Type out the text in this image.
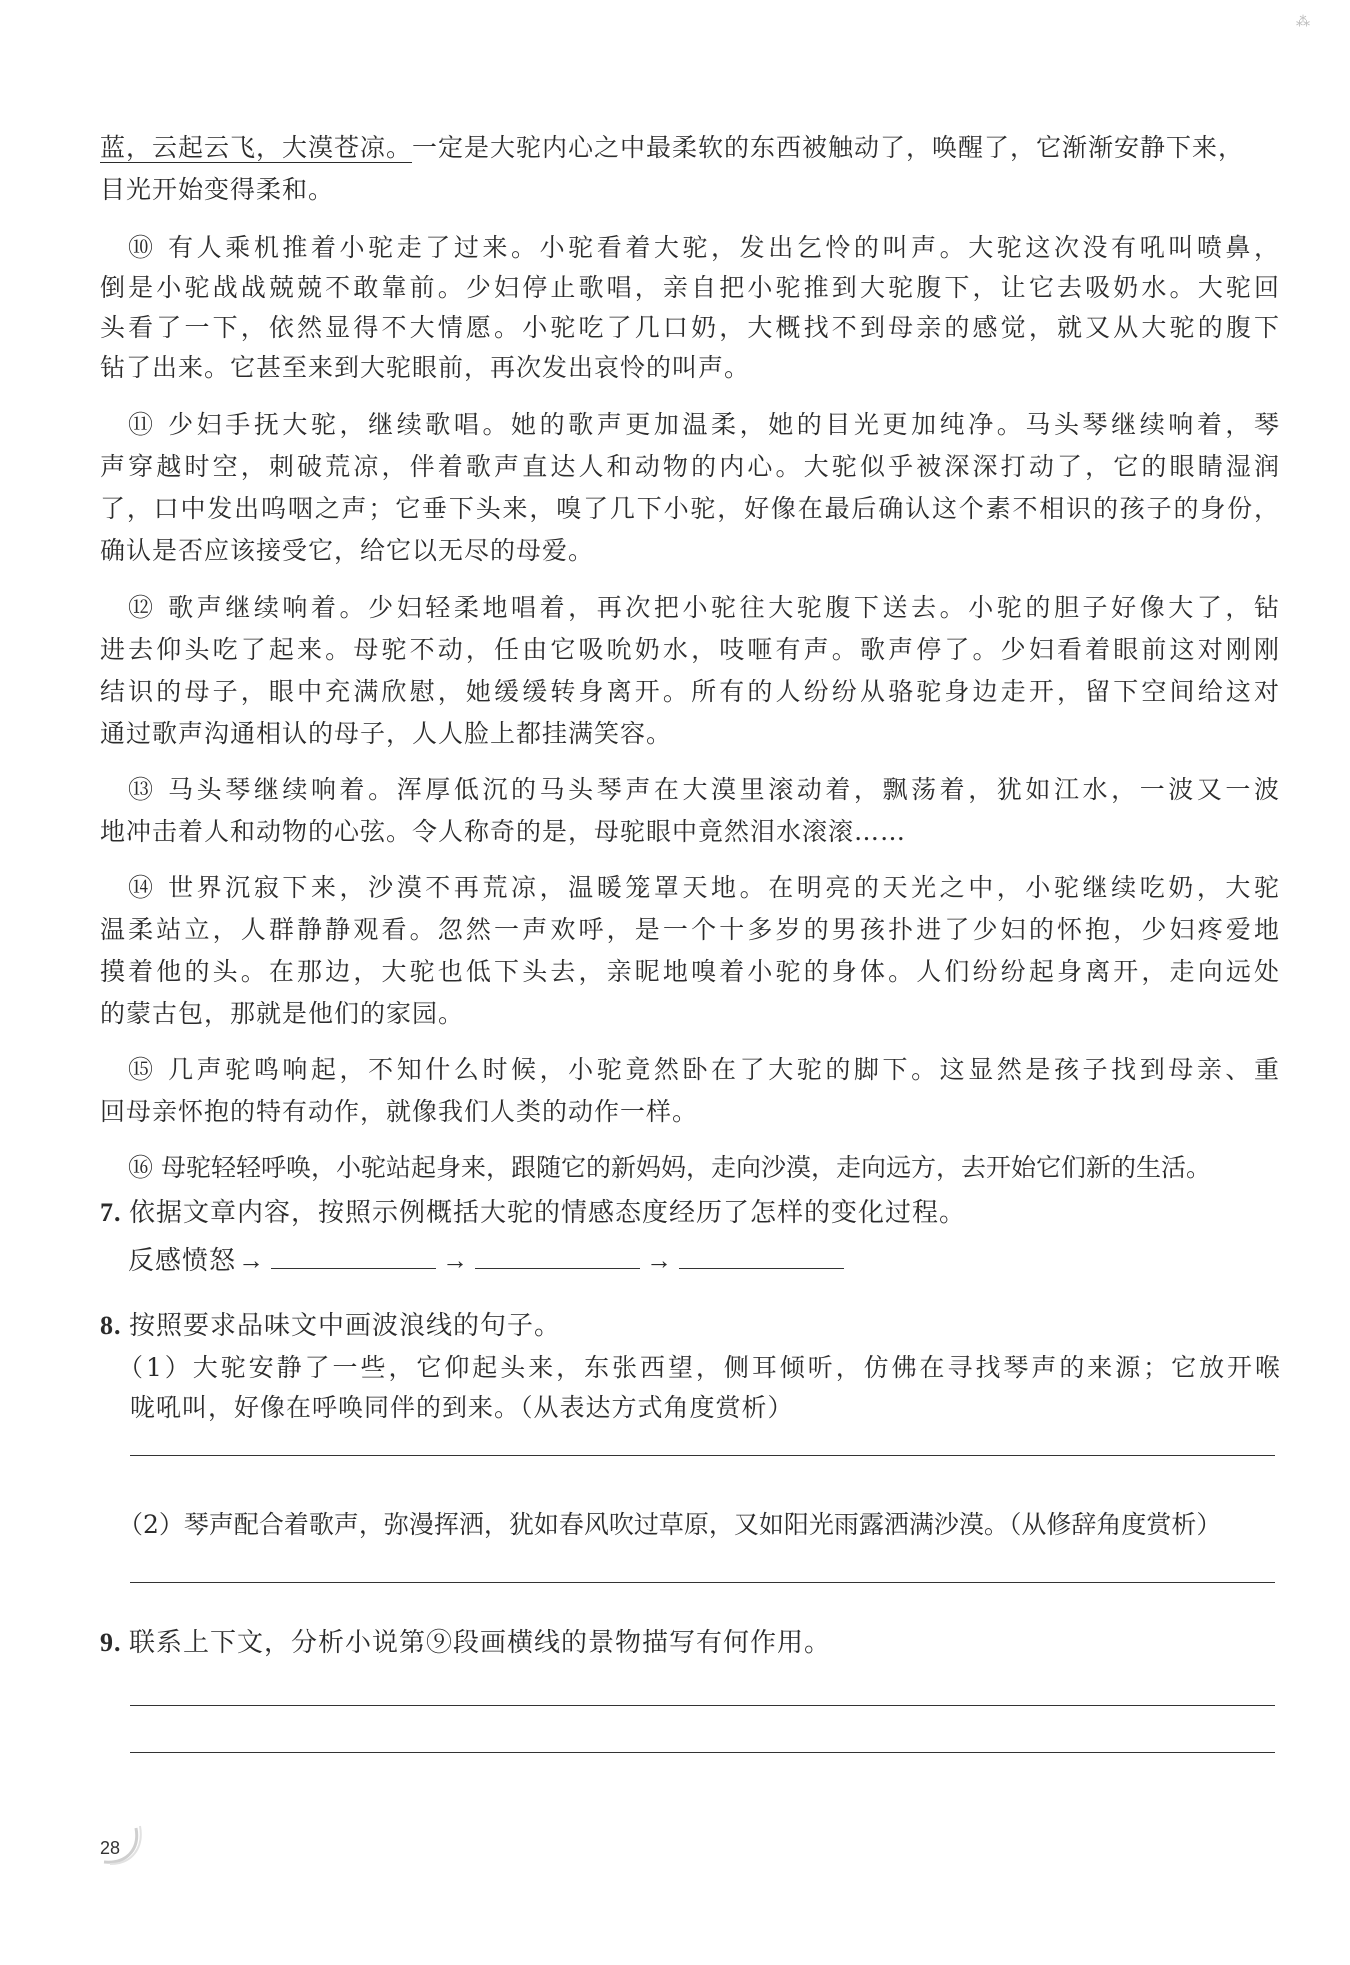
⁂
蓝，云起云飞，大漠苍凉。一定是大驼内心之中最柔软的东西被触动了，唤醒了，它渐渐安静下来，
目光开始变得柔和。
⑩ 有人乘机推着小驼走了过来。小驼看着大驼，发出乞怜的叫声。大驼这次没有吼叫喷鼻，
倒是小驼战战兢兢不敢靠前。少妇停止歌唱，亲自把小驼推到大驼腹下，让它去吸奶水。大驼回
头看了一下，依然显得不大情愿。小驼吃了几口奶，大概找不到母亲的感觉，就又从大驼的腹下
钻了出来。它甚至来到大驼眼前，再次发出哀怜的叫声。
⑪ 少妇手抚大驼，继续歌唱。她的歌声更加温柔，她的目光更加纯净。马头琴继续响着，琴
声穿越时空，刺破荒凉，伴着歌声直达人和动物的内心。大驼似乎被深深打动了，它的眼睛湿润
了，口中发出呜咽之声；它垂下头来，嗅了几下小驼，好像在最后确认这个素不相识的孩子的身份，
确认是否应该接受它，给它以无尽的母爱。
⑫ 歌声继续响着。少妇轻柔地唱着，再次把小驼往大驼腹下送去。小驼的胆子好像大了，钻
进去仰头吃了起来。母驼不动，任由它吸吮奶水，吱咂有声。歌声停了。少妇看着眼前这对刚刚
结识的母子，眼中充满欣慰，她缓缓转身离开。所有的人纷纷从骆驼身边走开，留下空间给这对
通过歌声沟通相认的母子，人人脸上都挂满笑容。
⑬ 马头琴继续响着。浑厚低沉的马头琴声在大漠里滚动着，飘荡着，犹如江水，一波又一波
地冲击着人和动物的心弦。令人称奇的是，母驼眼中竟然泪水滚滚……
⑭ 世界沉寂下来，沙漠不再荒凉，温暖笼罩天地。在明亮的天光之中，小驼继续吃奶，大驼
温柔站立，人群静静观看。忽然一声欢呼，是一个十多岁的男孩扑进了少妇的怀抱，少妇疼爱地
摸着他的头。在那边，大驼也低下头去，亲昵地嗅着小驼的身体。人们纷纷起身离开，走向远处
的蒙古包，那就是他们的家园。
⑮ 几声驼鸣响起，不知什么时候，小驼竟然卧在了大驼的脚下。这显然是孩子找到母亲、重
回母亲怀抱的特有动作，就像我们人类的动作一样。
⑯ 母驼轻轻呼唤，小驼站起身来，跟随它的新妈妈，走向沙漠，走向远方，去开始它们新的生活。
7. 依据文章内容，按照示例概括大驼的情感态度经历了怎样的变化过程。
反感愤怒→	→	→
8. 按照要求品味文中画波浪线的句子。
（1）大驼安静了一些，它仰起头来，东张西望，侧耳倾听，仿佛在寻找琴声的来源；它放开喉
咙吼叫，好像在呼唤同伴的到来。（从表达方式角度赏析）
（2）琴声配合着歌声，弥漫挥洒，犹如春风吹过草原，又如阳光雨露洒满沙漠。（从修辞角度赏析）
9. 联系上下文，分析小说第⑨段画横线的景物描写有何作用。
28
